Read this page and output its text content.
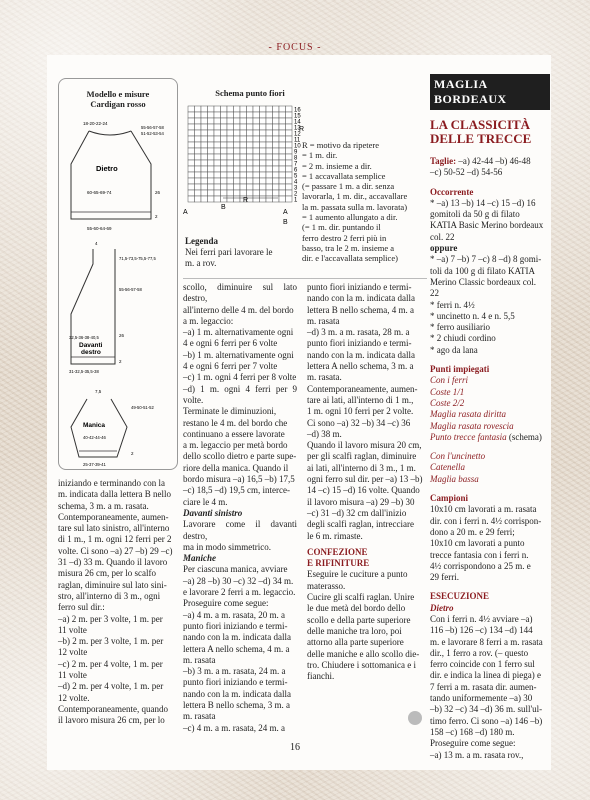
- FOCUS -
Modello e misure
Cardigan rosso
18-20-22-24
55-56-57-58
51-52-53-54
Dietro
60-65-69-74	26
2
55-60-64-69
4
71,5-73,5-75,5-77,5
55-56-57-58
32,5-36-38-40,5
Davanti
destro
26
2
31-32,5-35,5-38
7,5
49-50-51-52
Manica
40-42-44-46
2
25-37-39-41
Schema punto fiori
16
14
12
10
8
6
4
2
15
13
11
9
7
5
3
1
R
R
A
B
A
B
Legenda
Nei ferri pari lavorare le
m. a rov.
R = motivo da ripetere
= 1 m. dir.
= 2 m. insieme a dir.
= 1 accavallata semplice
(= passare 1 m. a dir. senza
lavorarla, 1 m. dir., accavallare
la m. passata sulla m. lavorata)
= 1 aumento allungato a dir.
(= 1 m. dir. puntando il
ferro destro 2 ferri più in
basso, tra le 2 m. insieme a
dir. e l'accavallata semplice)
iniziando e terminando con la
m. indicata dalla lettera B nello
schema, 3 m. a m. rasata.
Contemporaneamente, aumen-
tare sul lato sinistro, all'interno
di 1 m., 1 m. ogni 12 ferri per 2
volte. Ci sono –a) 27 –b) 29 –c)
31 –d) 33 m. Quando il lavoro
misura 26 cm, per lo scalfo
raglan, diminuire sul lato sini-
stro, all'interno di 3 m., ogni
ferro sul dir.:
–a) 2 m. per 3 volte, 1 m. per
11 volte
–b) 2 m. per 3 volte, 1 m. per
12 volte
–c) 2 m. per 4 volte, 1 m. per
11 volte
–d) 2 m. per 4 volte, 1 m. per
12 volte.
Contemporaneamente, quando
il lavoro misura 26 cm, per lo
scollo, diminuire sul lato destro,
all'interno delle 4 m. del bordo
a m. legaccio:
–a) 1 m. alternativamente ogni
4 e ogni 6 ferri per 6 volte
–b) 1 m. alternativamente ogni
4 e ogni 6 ferri per 7 volte
–c) 1 m. ogni 4 ferri per 8 volte
–d) 1 m. ogni 4 ferri per 9 volte.
Terminate le diminuzioni,
restano le 4 m. del bordo che
continuano a essere lavorate
a m. legaccio per metà bordo
dello scollo dietro e parte supe-
riore della manica. Quando il
bordo misura –a) 16,5 –b) 17,5
–c) 18,5 –d) 19,5 cm, interce-
ciare le 4 m.

Davanti sinistro

Lavorare come il davanti destro,
ma in modo simmetrico.

Maniche

Per ciascuna manica, avviare
–a) 28 –b) 30 –c) 32 –d) 34 m.
e lavorare 2 ferri a m. legaccio.
Proseguire come segue:
–a) 4 m. a m. rasata, 20 m. a
punto fiori iniziando e termi-
nando con la m. indicata dalla
lettera A nello schema, 4 m. a
m. rasata
–b) 3 m. a m. rasata, 24 m. a
punto fiori iniziando e termi-
nando con la m. indicata dalla
lettera B nello schema, 3 m. a
m. rasata
–c) 4 m. a m. rasata, 24 m. a
punto fiori iniziando e termi-
nando con la m. indicata dalla
lettera B nello schema, 4 m. a
m. rasata
–d) 3 m. a m. rasata, 28 m. a
punto fiori iniziando e termi-
nando con la m. indicata dalla
lettera A nello schema, 3 m. a
m. rasata.
Contemporaneamente, aumen-
tare ai lati, all'interno di 1 m.,
1 m. ogni 10 ferri per 2 volte.
Ci sono –a) 32 –b) 34 –c) 36
–d) 38 m.
Quando il lavoro misura 20 cm,
per gli scalfi raglan, diminuire
ai lati, all'interno di 3 m., 1 m.
ogni ferro sul dir. per –a) 13 –b)
14 –c) 15 –d) 16 volte. Quando
il lavoro misura –a) 29 –b) 30
–c) 31 –d) 32 cm dall'inizio
degli scalfi raglan, intrecciare
le 6 m. rimaste.

CONFEZIONE

E RIFINITURE

Eseguire le cuciture a punto
materasso.
Cucire gli scalfi raglan. Unire
le due metà del bordo dello
scollo e della parte superiore
delle maniche tra loro, poi
attorno alla parte superiore
delle maniche e allo scollo die-
tro. Chiudere i sottomanica e i
fianchi.
MAGLIA BORDEAUX
LA CLASSICITÀ
DELLE TRECCE
Taglie: –a) 42-44 –b) 46-48
–c) 50-52 –d) 54-56
Occorrente
* –a) 13 –b) 14 –c) 15 –d) 16
gomitoli da 50 g di filato
KATIA Basic Merino bordeaux
col. 22
oppure
* –a) 7 –b) 7 –c) 8 –d) 8 gomi-
toli da 100 g di filato KATIA
Merino Classic bordeaux col.
22
* ferri n. 4½
* uncinetto n. 4 e n. 5,5
* ferro ausiliario
* 2 chiudi cordino
* ago da lana
Punti impiegati
Con i ferri
Coste 1/1
Coste 2/2
Maglia rasata diritta
Maglia rasata rovescia
Punto trecce fantasia (schema)
Con l'uncinetto
Catenella
Maglia bassa
Campioni
10x10 cm lavorati a m. rasata
dir. con i ferri n. 4½ corrispon-
dono a 20 m. e 29 ferri;
10x10 cm lavorati a punto
trecce fantasia con i ferri n.
4½ corrispondono a 25 m. e
29 ferri.
ESECUZIONE
Dietro
Con i ferri n. 4½ avviare –a)
116 –b) 126 –c) 134 –d) 144
m. e lavorare 8 ferri a m. rasata
dir., 1 ferro a rov. (– questo
ferro coincide con 1 ferro sul
dir. e indica la linea di piega) e
7 ferri a m. rasata dir. aumen-
tando uniformemente –a) 30
–b) 32 –c) 34 –d) 36 m. sull'ul-
timo ferro. Ci sono –a) 146 –b)
158 –c) 168 –d) 180 m.
Proseguire come segue:
–a) 13 m. a m. rasata rov.,
16
